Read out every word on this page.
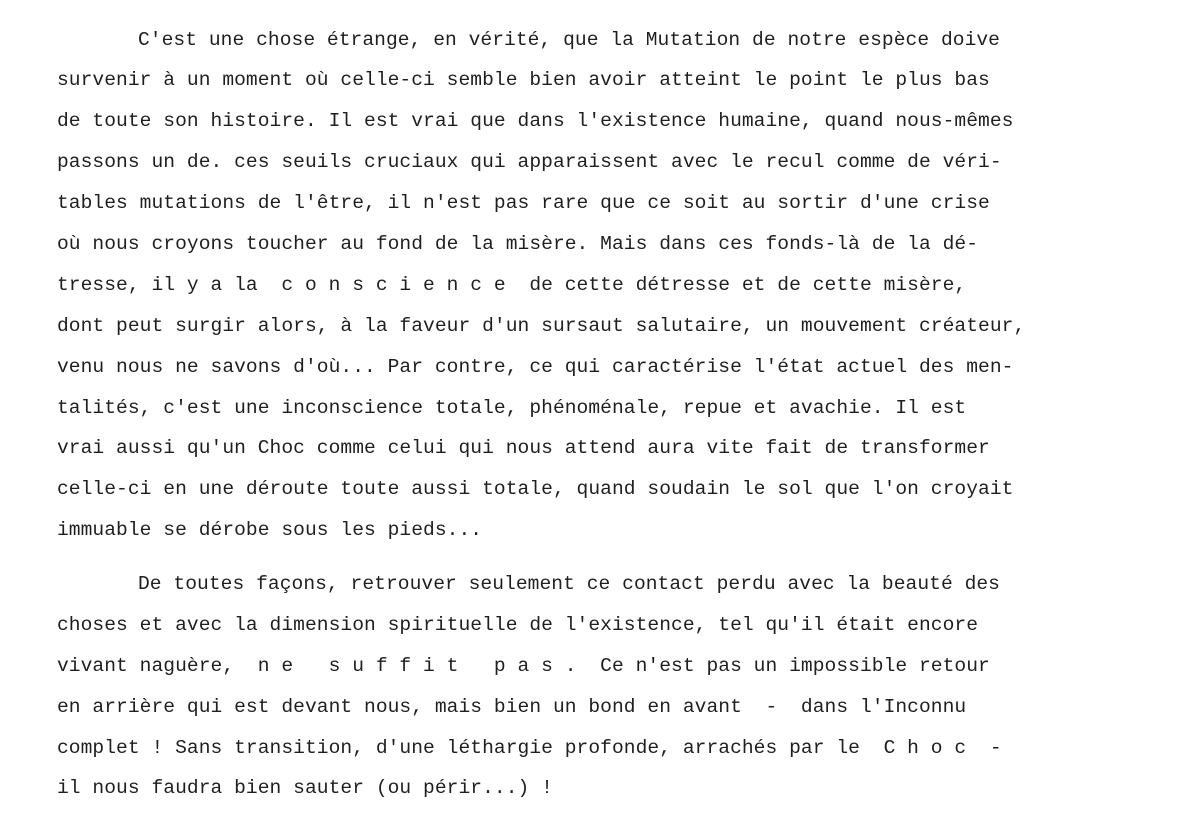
C'est une chose étrange, en vérité, que la Mutation de notre espèce doive

survenir à un moment où celle-ci semble bien avoir atteint le point le plus bas

de toute son histoire. Il est vrai que dans l'existence humaine, quand nous-mêmes

passons un de. ces seuils cruciaux qui apparaissent avec le recul comme de véri-

tables mutations de l'être, il n'est pas rare que ce soit au sortir d'une crise

où nous croyons toucher au fond de la misère. Mais dans ces fonds-là de la dé-

tresse, il y a la  c o n s c i e n c e  de cette détresse et de cette misère,

dont peut surgir alors, à la faveur d'un sursaut salutaire, un mouvement créateur,

venu nous ne savons d'où... Par contre, ce qui caractérise l'état actuel des men-

talités, c'est une inconscience totale, phénoménale, repue et avachie. Il est

vrai aussi qu'un Choc comme celui qui nous attend aura vite fait de transformer

celle-ci en une déroute toute aussi totale, quand soudain le sol que l'on croyait

immuable se dérobe sous les pieds...

De toutes façons, retrouver seulement ce contact perdu avec la beauté des

choses et avec la dimension spirituelle de l'existence, tel qu'il était encore

vivant naguère,  n e   s u f f i t   p a s .  Ce n'est pas un impossible retour

en arrière qui est devant nous, mais bien un bond en avant  -  dans l'Inconnu

complet ! Sans transition, d'une léthargie profonde, arrachés par le  C h o c  -

il nous faudra bien sauter (ou périr...) !
